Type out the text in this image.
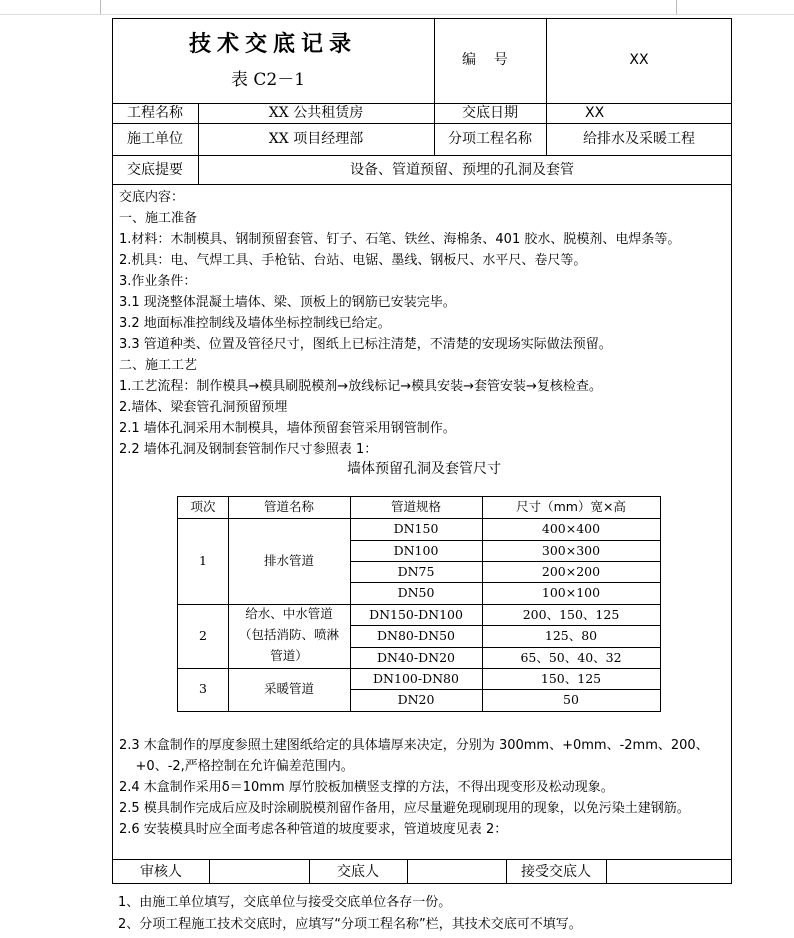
技术交底记录
表 C2－1
编    号	XX
工程名称	XX 公共租赁房	交底日期	XX
施工单位	XX 项目经理部	分项工程名称	给排水及采暖工程
交底提要	设备、管道预留、预埋的孔洞及套管
交底内容：
一、施工准备
1.材料：木制模具、钢制预留套管、钉子、石笔、铁丝、海棉条、401 胶水、脱模剂、电焊条等。
2.机具：电、气焊工具、手枪钻、台站、电锯、墨线、钢板尺、水平尺、卷尺等。
3.作业条件：
3.1 现浇整体混凝土墙体、梁、顶板上的钢筋已安装完毕。
3.2 地面标准控制线及墙体坐标控制线已给定。
3.3 管道种类、位置及管径尺寸，图纸上已标注清楚，不清楚的安现场实际做法预留。
二、施工工艺
1.工艺流程：制作模具→模具刷脱模剂→放线标记→模具安装→套管安装→复核检查。
2.墙体、梁套管孔洞预留预埋
2.1 墙体孔洞采用木制模具，墙体预留套管采用钢管制作。
2.2 墙体孔洞及钢制套管制作尺寸参照表 1：
墙体预留孔洞及套管尺寸
项次	管道名称	管道规格	尺寸（mm）宽×高
1	排水管道
DN150	400×400
DN100	300×300
DN75	200×200
DN50	100×100
2
给水、中水管道
（包括消防、喷淋
管道）
DN150-DN100	200、150、125
DN80-DN50	125、80
DN40-DN20	65、50、40、32
3	采暖管道
DN100-DN80	150、125
DN20	50
2.3 木盒制作的厚度参照土建图纸给定的具体墙厚来决定，分别为 300mm、+0mm、-2mm、200、
+0、-2,严格控制在允许偏差范围内。
2.4 木盒制作采用δ＝10mm 厚竹胶板加横竖支撑的方法，不得出现变形及松动现象。
2.5 模具制作完成后应及时涂刷脱模剂留作备用，应尽量避免现刷现用的现象，以免污染土建钢筋。
2.6 安装模具时应全面考虑各种管道的坡度要求，管道坡度见表 2：
审核人	交底人	接受交底人
1、由施工单位填写，交底单位与接受交底单位各存一份。
2、分项工程施工技术交底时，应填写“分项工程名称”栏，其技术交底可不填写。
